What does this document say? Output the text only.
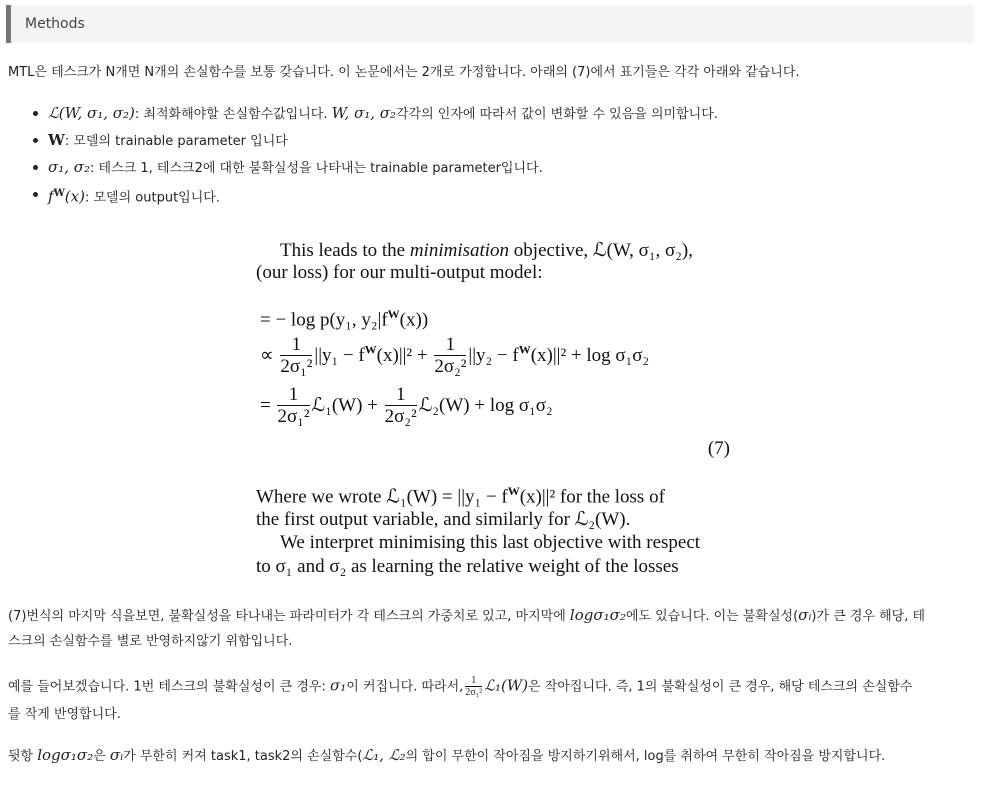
Methods
MTL은 테스크가 N개면 N개의 손실함수를 보통 갖습니다. 이 논문에서는 2개로 가정합니다. 아래의 (7)에서 표기들은 각각 아래와 같습니다.
ℒ(W, σ₁, σ₂): 최적화해야할 손실함수값입니다. W, σ₁, σ₂각각의 인자에 따라서 값이 변화할 수 있음을 의미합니다.
W: 모델의 trainable parameter 입니다
σ₁, σ₂: 테스크 1, 테스크2에 대한 불확실성을 나타내는 trainable parameter입니다.
$f^W(x)$: 모델의 output입니다.
This leads to the minimisation objective, ℒ(W, σ₁, σ₂),
(our loss) for our multi-output model:
= − log p(y₁, $y_2|f^W(x)$)
∝ $\frac{1}{\text{2σ₁²}} ||y_1 - f^W(x)||^2 + \frac{1}{\text{2σ₂²}} ||y_2 - f^W(x)||^2 + \log \sigma_1\sigma_2$
= $\frac{1}{\text{2σ₁²}}$ ℒ₁(W) + $\frac{1}{\text{2σ₂²}}$ ℒ₂(W) + log σ₁σ₂
(7)
Where we wrote ℒ₁(W) = $||y_1 - f^W(x)||^2$ for the loss of
the first output variable, and similarly for ℒ₂(W).
We interpret minimising this last objective with respect
to σ₁ and σ₂ as learning the relative weight of the losses
(7)번식의 마지막 식을보면, 불확실성을 타나내는 파라미터가 각 테스크의 가중치로 있고, 마지막에 logσ₁σ₂에도 있습니다. 이는 불확실성(σᵢ)가 큰 경우 해당, 테
스크의 손실함수를 별로 반영하지않기 위함입니다.
예를 들어보겠습니다. 1번 테스크의 불확실성이 큰 경우: σ₁이 커집니다. 따라서, $\frac{1}{\text{2σ₁²}}$ ℒ₁(W)은 작아집니다. 즉, 1의 불확실성이 큰 경우, 해당 테스크의 손실함수
를 작게 반영합니다.
뒷항 logσ₁σ₂은 σᵢ가 무한히 커져 task1, task2의 손실함수(ℒ₁, ℒ₂의 합이 무한이 작아짐을 방지하기위해서, log를 취하여 무한히 작아짐을 방지합니다.
